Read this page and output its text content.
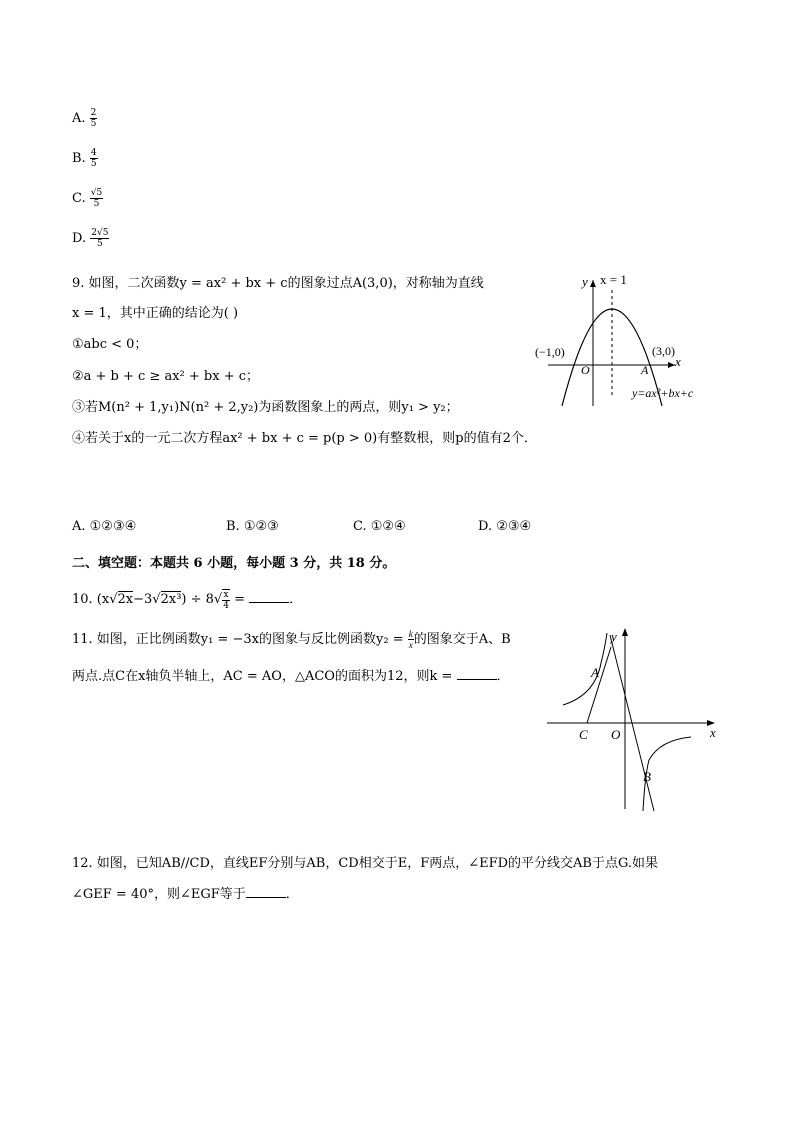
A. $\frac{2}{5}$
B. $\frac{4}{5}$
C. $\frac{√5}{5}$
D. $\frac{2√5}{5}$
9. 如图，二次函数y = ax² + bx + c的图象过点A(3,0)，对称轴为直线
x = 1，其中正确的结论为( )
①abc < 0；
②a + b + c ≥ ax² + bx + c；
③若M(n² + 1,y₁)N(n² + 2,y₂)为函数图象上的两点，则y₁ > y₂；
④若关于x的一元二次方程ax² + bx + c = p(p > 0)有整数根，则p的值有2个．
y x = 1
(−1,0)	(3,0)
O	A
x
y=ax²+bx+c
A. ①②③④	B. ①②③	C. ①②④	D. ②③④
二、填空题：本题共 6 小题，每小题 3 分，共 18 分。
10. $(x√2x-3√2x^3) \div 8√ \frac{x}{4}$ =	．
11. 如图，正比例函数y₁ = −3x的图象与反比例函数$y_2 = \frac{k}{x}$ 的图象交于A、B
两点.点C在x轴负半轴上，AC = AO，△ACO的面积为12，则k =	．
y
x
A
B
C O
12. 如图，已知AB//CD，直线EF分别与AB，CD相交于E，F两点，∠EFD的平分线交AB于点G.如果
∠GEF = 40°，则∠EGF等于	．
